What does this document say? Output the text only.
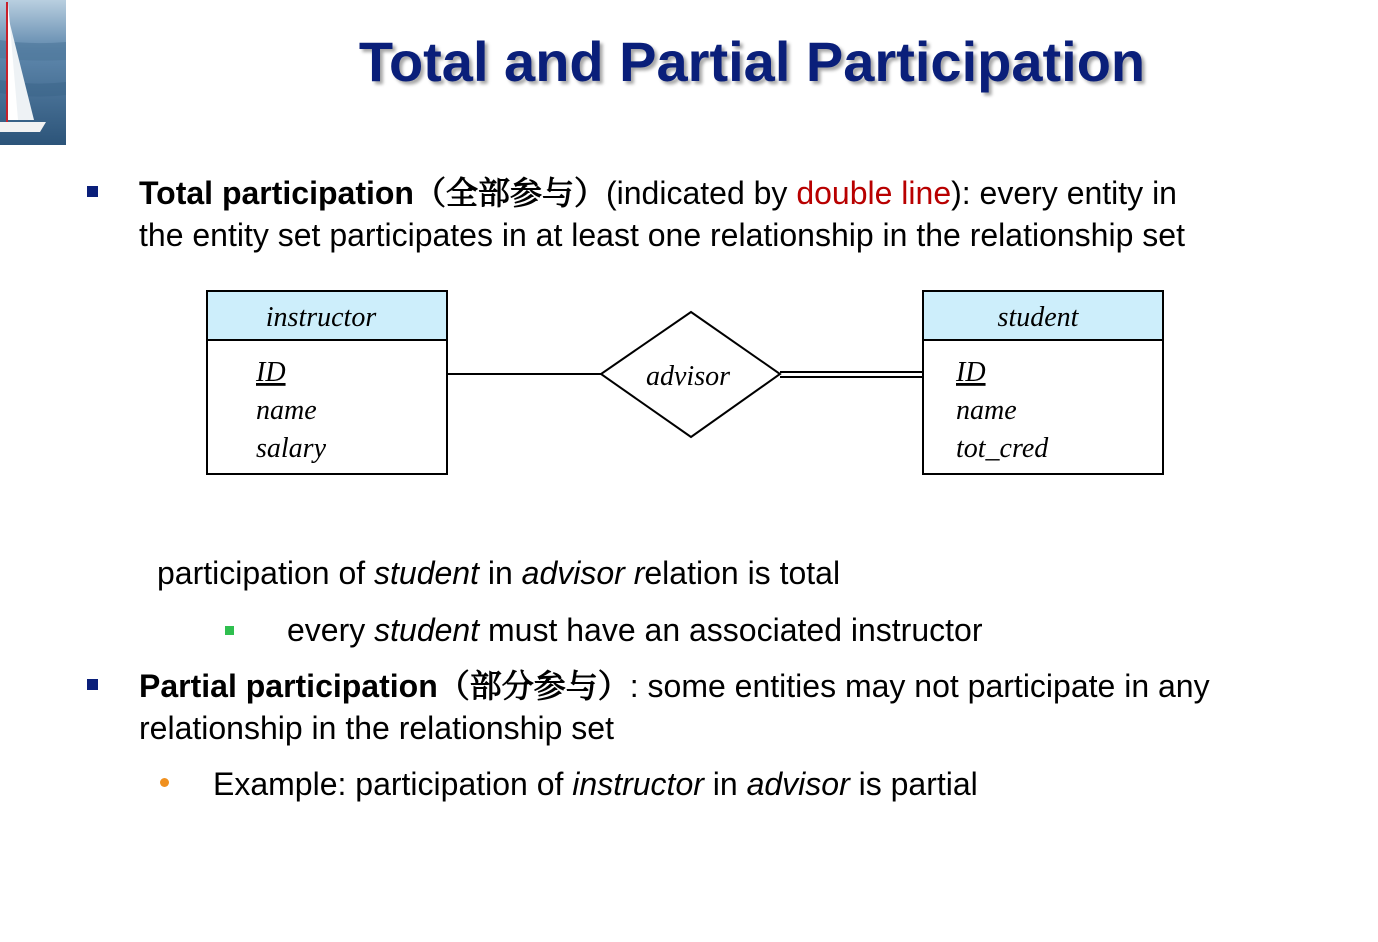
Total and Partial Participation
Total participation（全部参与）(indicated by double line): every entity in
the entity set participates in at least one relationship in the relationship set
instructor
ID
name
salary
advisor
student
ID
name
tot_cred
participation of student in advisor relation is total
every student must have an associated instructor
Partial participation（部分参与）: some entities may not participate in any
relationship in the relationship set
Example: participation of instructor in advisor is partial
